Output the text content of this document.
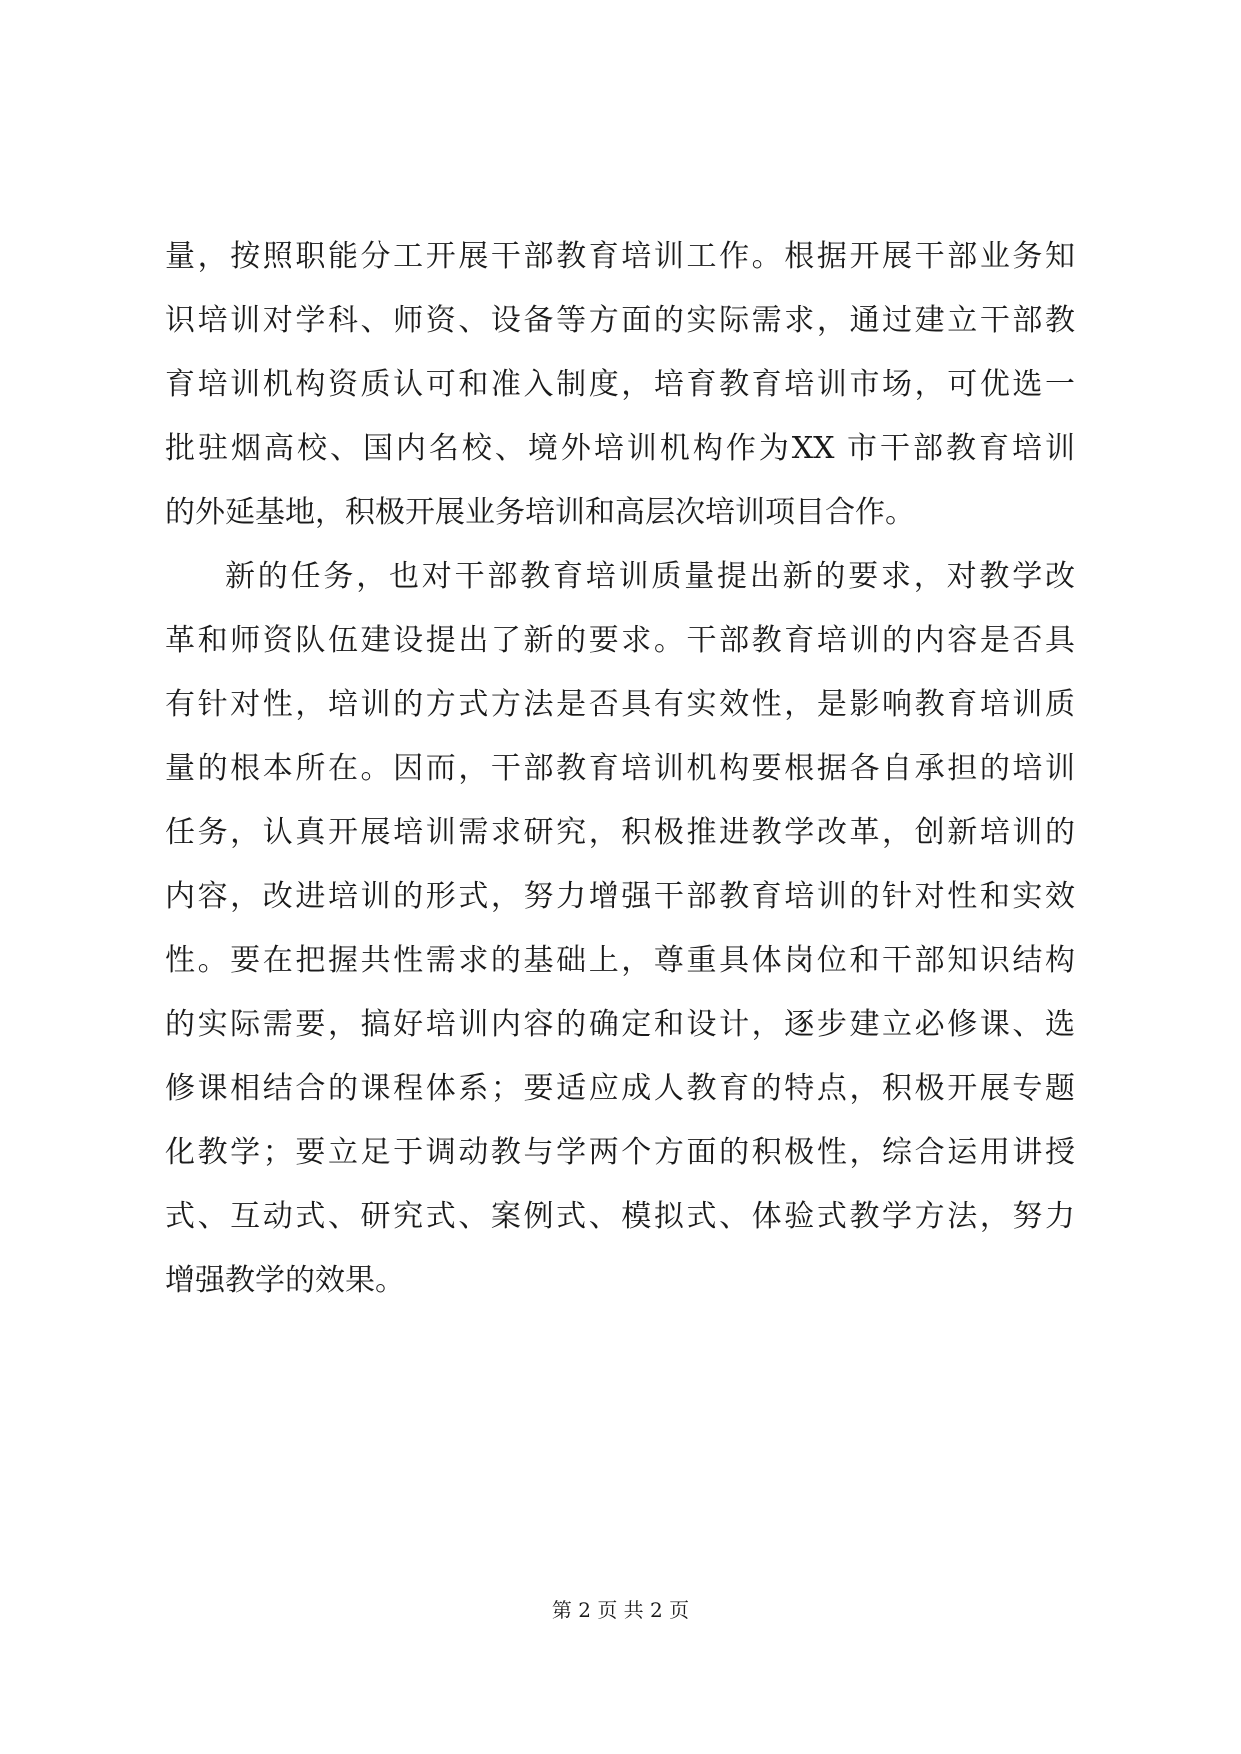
量，按照职能分工开展干部教育培训工作。根据开展干部业务知
识培训对学科、师资、设备等方面的实际需求，通过建立干部教
育培训机构资质认可和准入制度，培育教育培训市场，可优选一
批驻烟高校、国内名校、境外培训机构作为XX 市干部教育培训
的外延基地，积极开展业务培训和高层次培训项目合作。
新的任务，也对干部教育培训质量提出新的要求，对教学改
革和师资队伍建设提出了新的要求。干部教育培训的内容是否具
有针对性，培训的方式方法是否具有实效性，是影响教育培训质
量的根本所在。因而，干部教育培训机构要根据各自承担的培训
任务，认真开展培训需求研究，积极推进教学改革，创新培训的
内容，改进培训的形式，努力增强干部教育培训的针对性和实效
性。要在把握共性需求的基础上，尊重具体岗位和干部知识结构
的实际需要，搞好培训内容的确定和设计，逐步建立必修课、选
修课相结合的课程体系；要适应成人教育的特点，积极开展专题
化教学；要立足于调动教与学两个方面的积极性，综合运用讲授
式、互动式、研究式、案例式、模拟式、体验式教学方法，努力
增强教学的效果。
第 2 页 共 2 页
